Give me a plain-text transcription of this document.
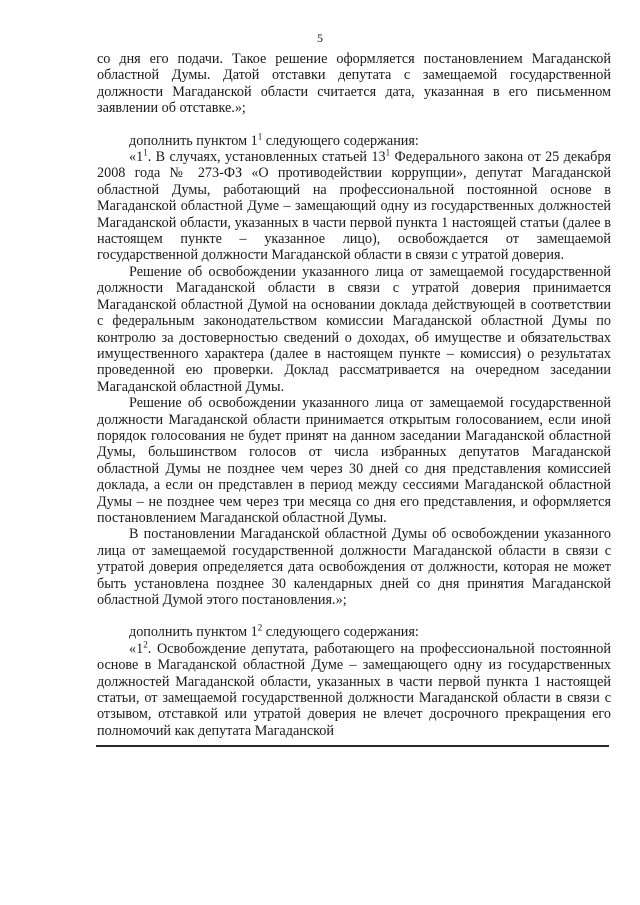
5

со дня его подачи. Такое решение оформляется постановлением Магаданской областной Думы. Датой отставки депутата с замещаемой государственной должности Магаданской области считается дата, указанная в его письменном заявлении об отставке.»;

дополнить пунктом $1^1$ следующего содержания:

«$1^1$. В случаях, установленных статьей $13^1$ Федерального закона от 25 декабря 2008 года № 273-ФЗ «О противодействии коррупции», депутат Магаданской областной Думы, работающий на профессиональной постоянной основе в Магаданской областной Думе – замещающий одну из государственных должностей Магаданской области, указанных в части первой пункта 1 настоящей статьи (далее в настоящем пункте – указанное лицо), освобождается от замещаемой государственной должности Магаданской области в связи с утратой доверия.

Решение об освобождении указанного лица от замещаемой государственной должности Магаданской области в связи с утратой доверия принимается Магаданской областной Думой на основании доклада действующей в соответствии с федеральным законодательством комиссии Магаданской областной Думы по контролю за достоверностью сведений о доходах, об имуществе и обязательствах имущественного характера (далее в настоящем пункте – комиссия) о результатах проведенной ею проверки. Доклад рассматривается на очередном заседании Магаданской областной Думы.

Решение об освобождении указанного лица от замещаемой государственной должности Магаданской области принимается открытым голосованием, если иной порядок голосования не будет принят на данном заседании Магаданской областной Думы, большинством голосов от числа избранных депутатов Магаданской областной Думы не позднее чем через 30 дней со дня представления комиссией доклада, а если он представлен в период между сессиями Магаданской областной Думы – не позднее чем через три месяца со дня его представления, и оформляется постановлением Магаданской областной Думы.

В постановлении Магаданской областной Думы об освобождении указанного лица от замещаемой государственной должности Магаданской области в связи с утратой доверия определяется дата освобождения от должности, которая не может быть установлена позднее 30 календарных дней со дня принятия Магаданской областной Думой этого постановления.»;

дополнить пунктом $1^2$ следующего содержания:

«$1^2$. Освобождение депутата, работающего на профессиональной постоянной основе в Магаданской областной Думе – замещающего одну из государственных должностей Магаданской области, указанных в части первой пункта 1 настоящей статьи, от замещаемой государственной должности Магаданской области в связи с отзывом, отставкой или утратой доверия не влечет досрочного прекращения его полномочий как депутата Магаданской
